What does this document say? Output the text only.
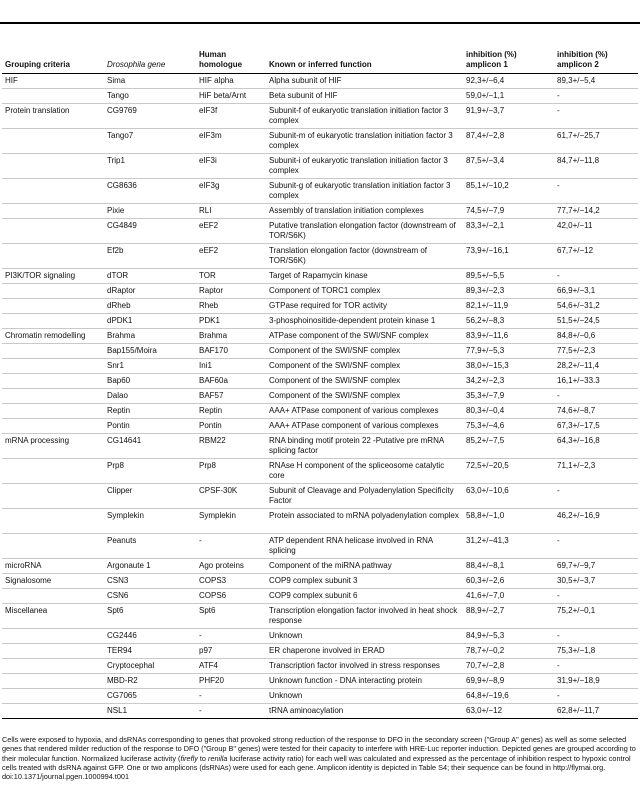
Grouping criteria	Drosophila gene	Human homologue	Known or inferred function	inhibition (%) amplicon 1	inhibition (%) amplicon 2
HIF	Sima	HIF alpha	Alpha subunit of HIF	92,3+/−6,4	89,3+/−5,4
	Tango	HiF beta/Arnt	Beta subunit of HIF	59,0+/−1,1	-
Protein translation	CG9769	eIF3f	Subunit-f of eukaryotic translation initiation factor 3 complex	91,9+/−3,7	-
	Tango7	eIF3m	Subunit-m of eukaryotic translation initiation factor 3 complex	87,4+/−2,8	61,7+/−25,7
	Trip1	eIF3i	Subunit-i of eukaryotic translation initiation factor 3 complex	87,5+/−3,4	84,7+/−11,8
	CG8636	eIF3g	Subunit-g of eukaryotic translation initiation factor 3 complex	85,1+/−10,2	-
	Pixie	RLI	Assembly of translation initiation complexes	74,5+/−7,9	77,7+/−14,2
	CG4849	eEF2	Putative translation elongation factor (downstream of TOR/S6K)	83,3+/−2,1	42,0+/−11
	Ef2b	eEF2	Translation elongation factor (downstream of TOR/S6K)	73,9+/−16,1	67,7+/−12
PI3K/TOR signaling	dTOR	TOR	Target of Rapamycin kinase	89,5+/−5,5	-
	dRaptor	Raptor	Component of TORC1 complex	89,3+/−2,3	66,9+/−3,1
	dRheb	Rheb	GTPase required for TOR activity	82,1+/−11,9	54,6+/−31,2
	dPDK1	PDK1	3-phosphoinositide-dependent protein kinase 1	56,2+/−8,3	51,5+/−24,5
Chromatin remodelling	Brahma	Brahma	ATPase component of the SWI/SNF complex	83,9+/−11,6	84,8+/−0,6
	Bap155/Moira	BAF170	Component of the SWI/SNF complex	77,9+/−5,3	77,5+/−2,3
	Snr1	Ini1	Component of the SWI/SNF complex	38,0+/−15,3	28,2+/−11,4
	Bap60	BAF60a	Component of the SWI/SNF complex	34,2+/−2,3	16,1+/−33.3
	Dalao	BAF57	Component of the SWI/SNF complex	35,3+/−7,9	-
	Reptin	Reptin	AAA+ ATPase component of various complexes	80,3+/−0,4	74,6+/−8,7
	Pontin	Pontin	AAA+ ATPase component of various complexes	75,3+/−4,6	67,3+/−17,5
mRNA processing	CG14641	RBM22	RNA binding motif protein 22 -Putative pre mRNA splicing factor	85,2+/−7,5	64,3+/−16,8
	Prp8	Prp8	RNAse H component of the spliceosome catalytic core	72,5+/−20,5	71,1+/−2,3
	Clipper	CPSF-30K	Subunit of Cleavage and Polyadenylation Specificity Factor	63,0+/−10,6	-
	Symplekin	Symplekin	Protein associated to mRNA polyadenylation complex	58,8+/−1,0	46,2+/−16,9
	Peanuts	-	ATP dependent RNA helicase involved in RNA splicing	31,2+/−41,3	-
microRNA	Argonaute 1	Ago proteins	Component of the miRNA pathway	88,4+/−8,1	69,7+/−9,7
Signalosome	CSN3	COPS3	COP9 complex subunit 3	60,3+/−2,6	30,5+/−3,7
	CSN6	COPS6	COP9 complex subunit 6	41,6+/−7,0	-
Miscellanea	Spt6	Spt6	Transcription elongation factor involved in heat shock response	88,9+/−2,7	75,2+/−0,1
	CG2446	-	Unknown	84,9+/−5,3	-
	TER94	p97	ER chaperone involved in ERAD	78,7+/−0,2	75,3+/−1,8
	Cryptocephal	ATF4	Transcription factor involved in stress responses	70,7+/−2,8	-
	MBD-R2	PHF20	Unknown function - DNA interacting protein	69,9+/−8,9	31,9+/−18,9
	CG7065	-	Unknown	64,8+/−19,6	-
	NSL1	-	tRNA aminoacylation	63,0+/−12	62,8+/−11,7
Cells were exposed to hypoxia, and dsRNAs corresponding to genes that provoked strong reduction of the response to DFO in the secondary screen ("Group A" genes) as well as some selected genes that rendered milder reduction of the response to DFO ("Group B" genes) were tested for their capacity to interfere with HRE-Luc reporter induction. Depicted genes are grouped according to their molecular function. Normalized luciferase activity (firefly to renilla luciferase activity ratio) for each well was calculated and expressed as the percentage of inhibition respect to hypoxic control cells treated with dsRNA against GFP. One or two amplicons (dsRNAs) were used for each gene. Amplicon identity is depicted in Table S4; their sequence can be found in http://flyrnai.org.
doi:10.1371/journal.pgen.1000994.t001
